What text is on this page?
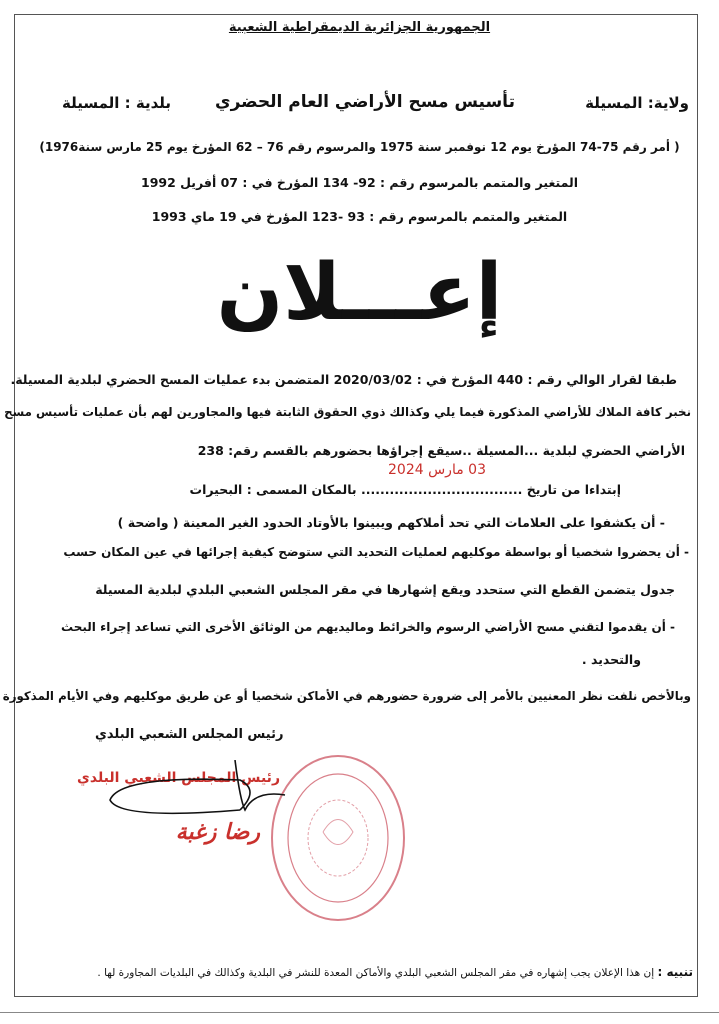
الجمهورية الجزائرية الديمقراطية الشعبية
ولاية: المسيلة
تأسيس مسح الأراضي العام الحضري
بلدية : المسيلة
( أمر رقم 75-74 المؤرخ يوم 12 نوفمبر سنة 1975 والمرسوم رقم 76 – 62 المؤرخ يوم 25 مارس سنة1976)
المتغير والمتمم بالمرسوم رقم : 92- 134 المؤرخ في : 07 أفريل 1992
المتغير والمتمم بالمرسوم رقم : 93 -123 المؤرخ في 19 ماي 1993
إعـــلان
طبقا لقرار الوالي رقم : 440 المؤرخ في : 2020/03/02 المتضمن بدء عمليات المسح الحضري لبلدية المسيلة.
نخبر كافة الملاك للأراضي المذكورة فيما يلي وكذالك ذوي الحقوق الثابتة فيها والمجاورين لهم بأن عمليات تأسيس مسح
الأراضي الحضري لبلدية ...المسيلة ..سيقع إجراؤها بحضورهم بالقسم رقم: 238
03 مارس 2024
إبتداءا من تاريخ .................................. بالمكان المسمى : البحيرات
- أن يكشفوا على العلامات التي تحد أملاكهم ويبينوا بالأوتاد الحدود الغير المعينة ( واضحة )
- أن يحضروا شخصيا أو بواسطة موكليهم لعمليات التحديد التي ستوضح كيفية إجرائها في عين المكان حسب
جدول يتضمن القطع التي ستحدد ويقع إشهارها في مقر المجلس الشعبي البلدي لبلدية المسيلة
- أن يقدموا لتقني مسح الأراضي الرسوم والخرائط وماليديهم من الوثائق الأخرى التي تساعد إجراء البحث
والتحديد .
وبالأخص نلفت نظر المعنيين بالأمر إلى ضرورة حضورهم في الأماكن شخصيا أو عن طريق موكليهم وفي الأيام المذكورة
رئيس المجلس الشعبي البلدي
رئيس المجلس الشعبي البلدي
رضا زغبة
تنبيه : إن هذا الإعلان يجب إشهاره في مقر المجلس الشعبي البلدي والأماكن المعدة للنشر في البلدية وكذالك في البلديات المجاورة لها .
